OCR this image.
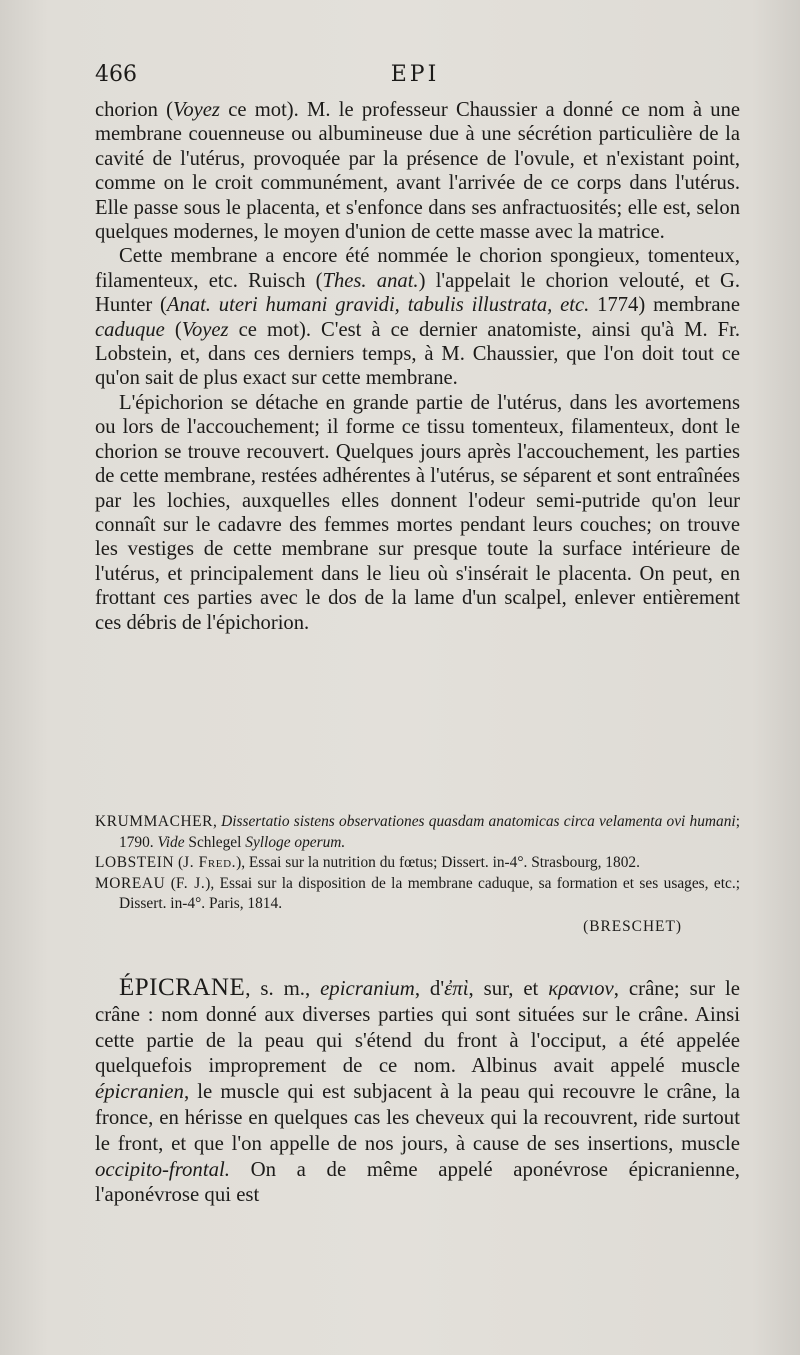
466	EPI

chorion (Voyez ce mot). M. le professeur Chaussier a donné ce nom à une membrane couenneuse ou albumineuse due à une sécrétion particulière de la cavité de l'utérus, provoquée par la présence de l'ovule, et n'existant point, comme on le croit communément, avant l'arrivée de ce corps dans l'utérus. Elle passe sous le placenta, et s'enfonce dans ses anfractuosités; elle est, selon quelques modernes, le moyen d'union de cette masse avec la matrice.

Cette membrane a encore été nommée le chorion spongieux, tomenteux, filamenteux, etc. Ruisch (Thes. anat.) l'appelait le chorion velouté, et G. Hunter (Anat. uteri humani gravidi, tabulis illustrata, etc. 1774) membrane caduque (Voyez ce mot). C'est à ce dernier anatomiste, ainsi qu'à M. Fr. Lobstein, et, dans ces derniers temps, à M. Chaussier, que l'on doit tout ce qu'on sait de plus exact sur cette membrane.

L'épichorion se détache en grande partie de l'utérus, dans les avortemens ou lors de l'accouchement; il forme ce tissu tomenteux, filamenteux, dont le chorion se trouve recouvert. Quelques jours après l'accouchement, les parties de cette membrane, restées adhérentes à l'utérus, se séparent et sont entraînées par les lochies, auxquelles elles donnent l'odeur semi-putride qu'on leur connaît sur le cadavre des femmes mortes pendant leurs couches; on trouve les vestiges de cette membrane sur presque toute la surface intérieure de l'utérus, et principalement dans le lieu où s'insérait le placenta. On peut, en frottant ces parties avec le dos de la lame d'un scalpel, enlever entièrement ces débris de l'épichorion.

KRUMMACHER, Dissertatio sistens observationes quasdam anatomicas circa velamenta ovi humani; 1790. Vide Schlegel Sylloge operum.
LOBSTEIN (J. Fred.), Essai sur la nutrition du fœtus; Dissert. in-4°. Strasbourg, 1802.
MOREAU (F. J.), Essai sur la disposition de la membrane caduque, sa formation et ses usages, etc.; Dissert. in-4°. Paris, 1814.
(BRESCHET)

ÉPICRANE, s. m., epicranium, d'ἐπὶ, sur, et κρανιον, crâne; sur le crâne : nom donné aux diverses parties qui sont situées sur le crâne. Ainsi cette partie de la peau qui s'étend du front à l'occiput, a été appelée quelquefois improprement de ce nom. Albinus avait appelé muscle épicranien, le muscle qui est subjacent à la peau qui recouvre le crâne, la fronce, en hérisse en quelques cas les cheveux qui la recouvrent, ride surtout le front, et que l'on appelle de nos jours, à cause de ses insertions, muscle occipito-frontal. On a de même appelé aponévrose épicranienne, l'aponévrose qui est
